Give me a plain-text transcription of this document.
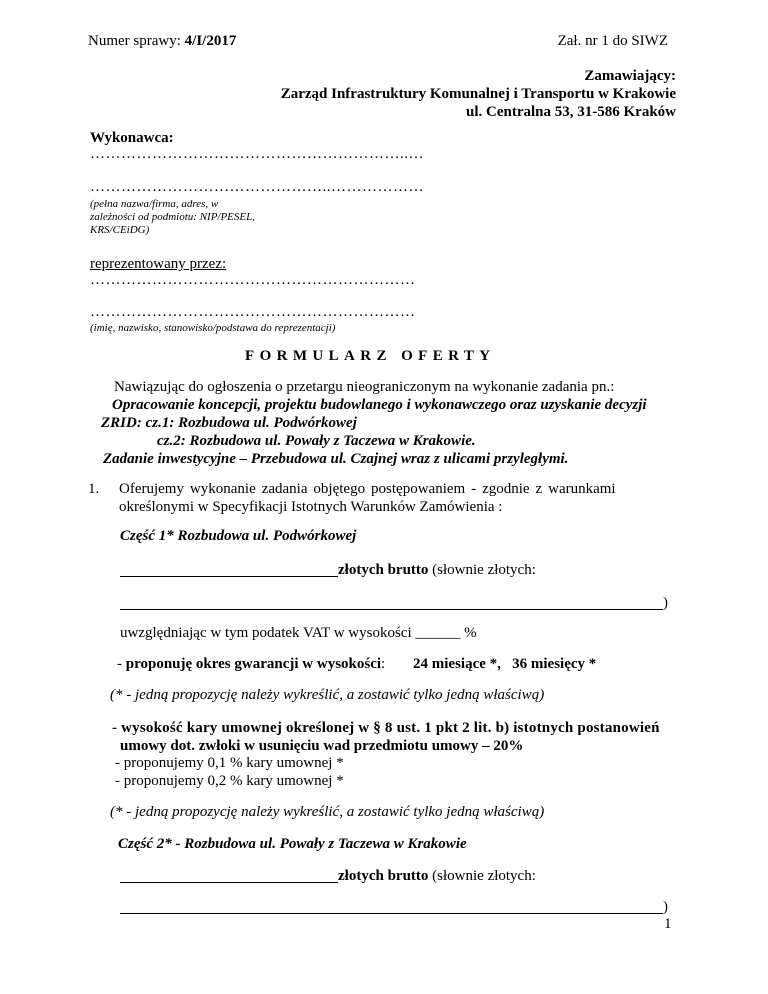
Numer sprawy: 4/I/2017	Zał. nr 1 do SIWZ
Zamawiający:
Zarząd Infrastruktury Komunalnej i Transportu w Krakowie
ul. Centralna 53, 31-586 Kraków
Wykonawca:
……………………………………………………..…
………………………………………..………………
(pełna nazwa/firma, adres, w
zależności od podmiotu: NIP/PESEL,
KRS/CEiDG)
reprezentowany przez:
………………………………………………………
………………………………………………………
(imię, nazwisko, stanowisko/podstawa do reprezentacji)
FORMULARZ OFERTY
Nawiązując do ogłoszenia o przetargu nieograniczonym na wykonanie zadania pn.:
Opracowanie koncepcji, projektu budowlanego i wykonawczego oraz uzyskanie decyzji
ZRID: cz.1: Rozbudowa ul. Podwórkowej
cz.2: Rozbudowa ul. Powały z Taczewa w Krakowie.
Zadanie inwestycyjne – Przebudowa ul. Czajnej wraz z ulicami przyległymi.
1. Oferujemy wykonanie zadania objętego postępowaniem - zgodnie z warunkami
określonymi w Specyfikacji Istotnych Warunków Zamówienia :
Część 1* Rozbudowa ul. Podwórkowej
złotych brutto (słownie złotych:
)
uwzględniając w tym podatek VAT w wysokości ______ %
- proponuję okres gwarancji w wysokości: 24 miesiące *,   36 miesięcy *
(* - jedną propozycję należy wykreślić, a zostawić tylko jedną właściwą)
- wysokość kary umownej określonej w § 8 ust. 1 pkt 2 lit. b) istotnych postanowień
umowy dot. zwłoki w usunięciu wad przedmiotu umowy – 20%
- proponujemy 0,1 % kary umownej *
- proponujemy 0,2 % kary umownej *
(* - jedną propozycję należy wykreślić, a zostawić tylko jedną właściwą)
Część 2* - Rozbudowa ul. Powały z Taczewa w Krakowie
złotych brutto (słownie złotych:
)
1
